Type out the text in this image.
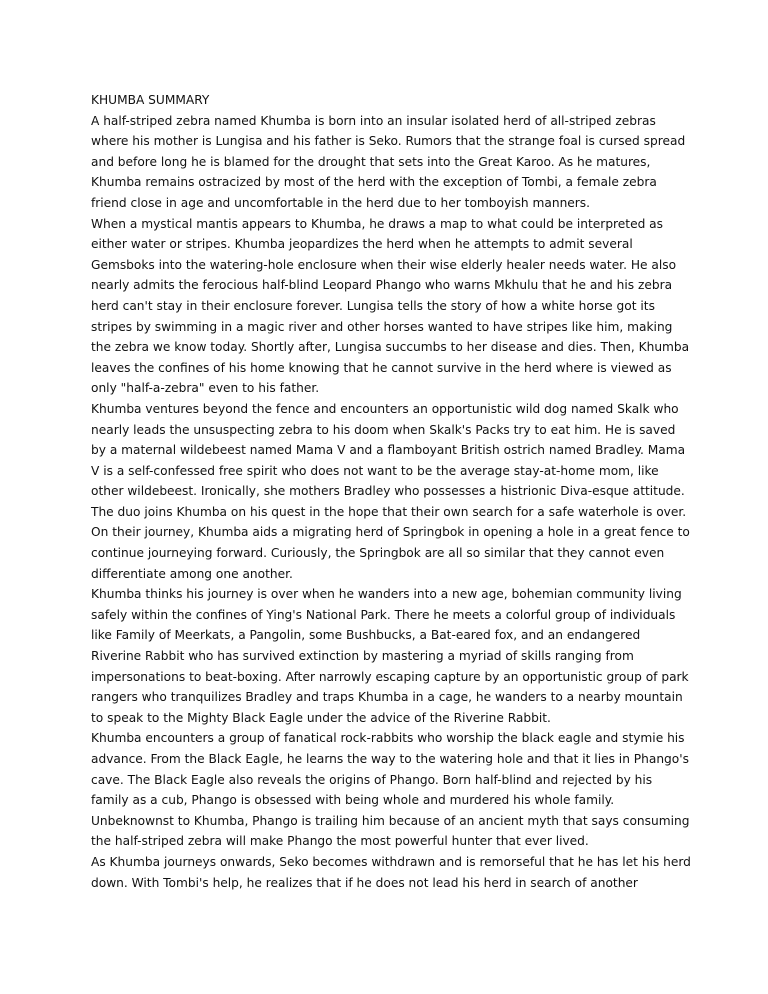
KHUMBA SUMMARY

A half-striped zebra named Khumba is born into an insular isolated herd of all-striped zebras where his mother is Lungisa and his father is Seko. Rumors that the strange foal is cursed spread and before long he is blamed for the drought that sets into the Great Karoo. As he matures, Khumba remains ostracized by most of the herd with the exception of Tombi, a female zebra friend close in age and uncomfortable in the herd due to her tomboyish manners.

When a mystical mantis appears to Khumba, he draws a map to what could be interpreted as either water or stripes. Khumba jeopardizes the herd when he attempts to admit several Gemsboks into the watering-hole enclosure when their wise elderly healer needs water. He also nearly admits the ferocious half-blind Leopard Phango who warns Mkhulu that he and his zebra herd can't stay in their enclosure forever. Lungisa tells the story of how a white horse got its stripes by swimming in a magic river and other horses wanted to have stripes like him, making the zebra we know today. Shortly after, Lungisa succumbs to her disease and dies. Then, Khumba leaves the confines of his home knowing that he cannot survive in the herd where is viewed as only "half-a-zebra" even to his father.

Khumba ventures beyond the fence and encounters an opportunistic wild dog named Skalk who nearly leads the unsuspecting zebra to his doom when Skalk's Packs try to eat him. He is saved by a maternal wildebeest named Mama V and a flamboyant British ostrich named Bradley. Mama V is a self-confessed free spirit who does not want to be the average stay-at-home mom, like other wildebeest. Ironically, she mothers Bradley who possesses a histrionic Diva-esque attitude. The duo joins Khumba on his quest in the hope that their own search for a safe waterhole is over.

On their journey, Khumba aids a migrating herd of Springbok in opening a hole in a great fence to continue journeying forward. Curiously, the Springbok are all so similar that they cannot even differentiate among one another.

Khumba thinks his journey is over when he wanders into a new age, bohemian community living safely within the confines of Ying's National Park. There he meets a colorful group of individuals like Family of Meerkats, a Pangolin, some Bushbucks, a Bat-eared fox, and an endangered Riverine Rabbit who has survived extinction by mastering a myriad of skills ranging from impersonations to beat-boxing. After narrowly escaping capture by an opportunistic group of park rangers who tranquilizes Bradley and traps Khumba in a cage, he wanders to a nearby mountain to speak to the Mighty Black Eagle under the advice of the Riverine Rabbit.

Khumba encounters a group of fanatical rock-rabbits who worship the black eagle and stymie his advance. From the Black Eagle, he learns the way to the watering hole and that it lies in Phango's cave. The Black Eagle also reveals the origins of Phango. Born half-blind and rejected by his family as a cub, Phango is obsessed with being whole and murdered his whole family. Unbeknownst to Khumba, Phango is trailing him because of an ancient myth that says consuming the half-striped zebra will make Phango the most powerful hunter that ever lived.

As Khumba journeys onwards, Seko becomes withdrawn and is remorseful that he has let his herd down. With Tombi's help, he realizes that if he does not lead his herd in search of another
